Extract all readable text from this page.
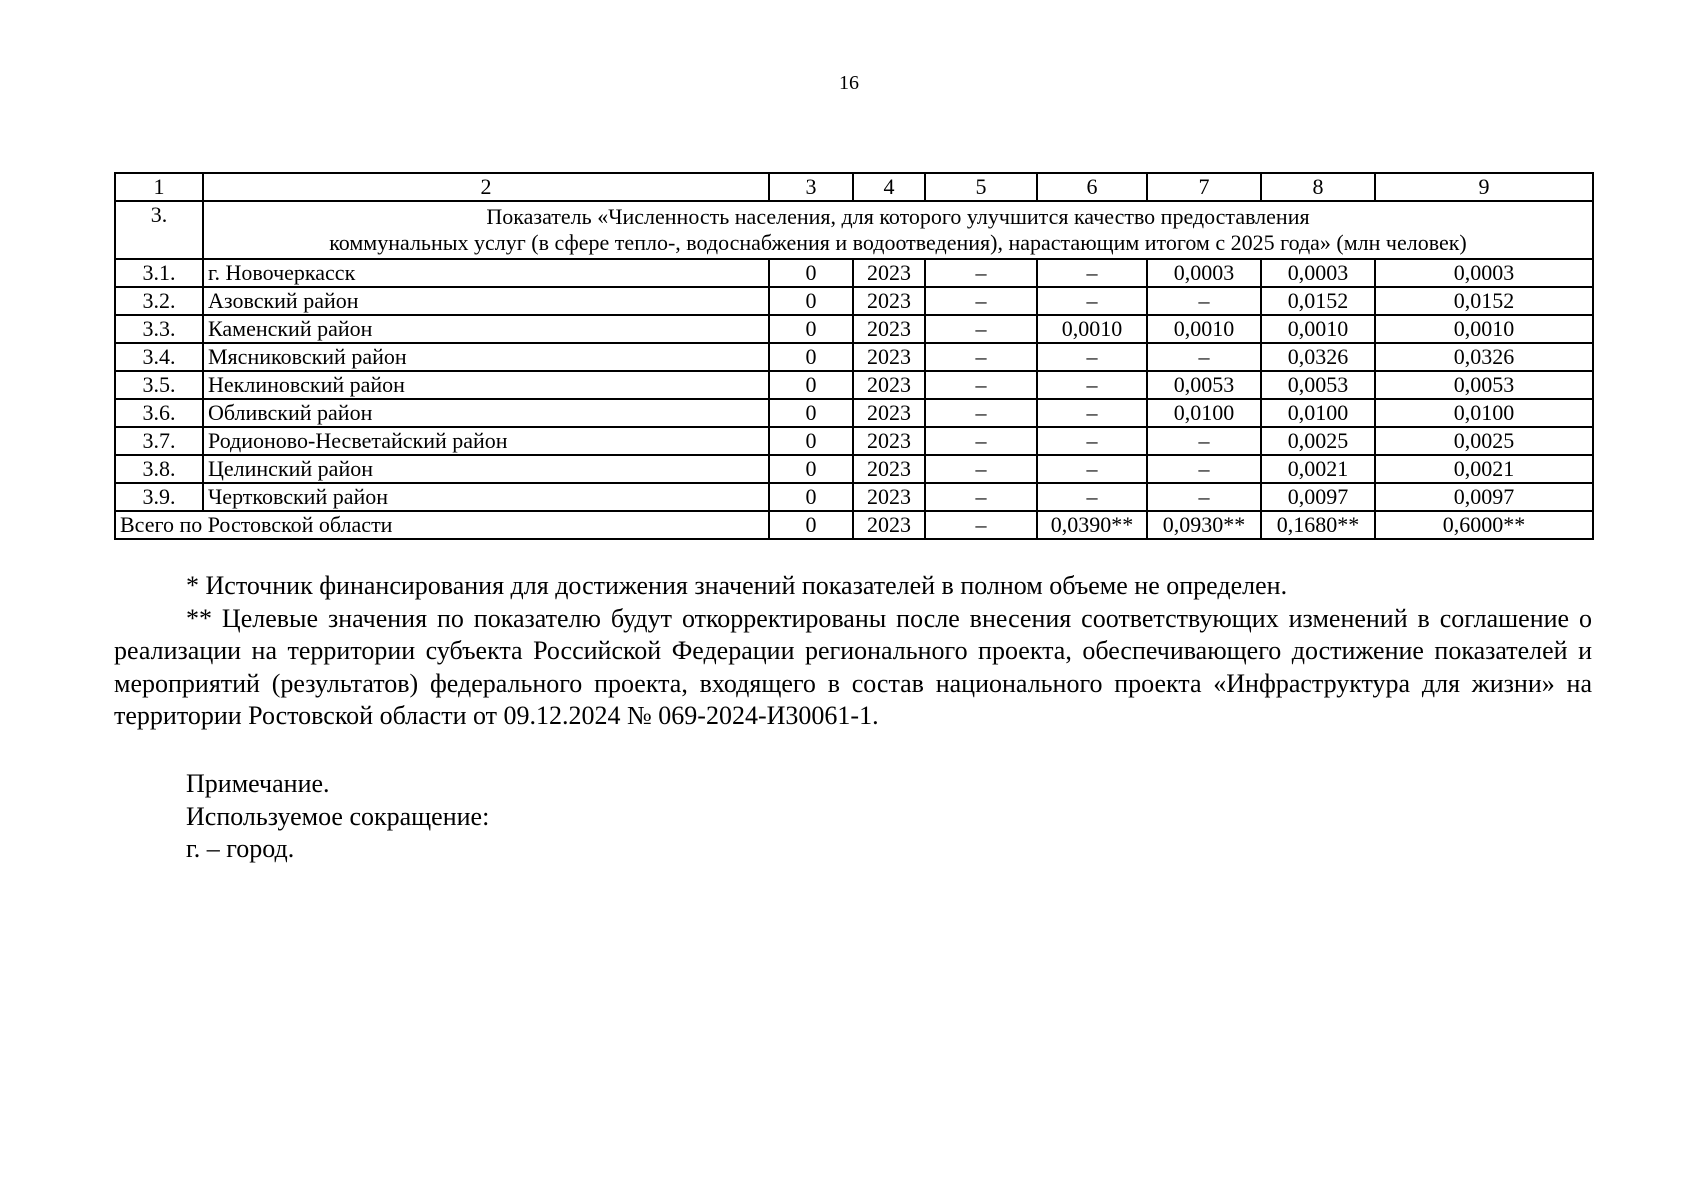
16
1	2	3	4	5	6	7	8	9
3.	Показатель «Численность населения, для которого улучшится качество предоставления
коммунальных услуг (в сфере тепло-, водоснабжения и водоотведения), нарастающим итогом с 2025 года» (млн человек)							

3.1.	г. Новочеркасск	0	2023	–	–	0,0003	0,0003	0,0003
3.2.	Азовский район	0	2023	–	–	–	0,0152	0,0152
3.3.	Каменский район	0	2023	–	0,0010	0,0010	0,0010	0,0010
3.4.	Мясниковский район	0	2023	–	–	–	0,0326	0,0326
3.5.	Неклиновский район	0	2023	–	–	0,0053	0,0053	0,0053
3.6.	Обливский район	0	2023	–	–	0,0100	0,0100	0,0100
3.7.	Родионово-Несветайский район	0	2023	–	–	–	0,0025	0,0025
3.8.	Целинский район	0	2023	–	–	–	0,0021	0,0021
3.9.	Чертковский район	0	2023	–	–	–	0,0097	0,0097
Всего по Ростовской области		0	2023	–	0,0390**	0,0930**	0,1680**	0,6000**

* Источник финансирования для достижения значений показателей в полном объеме не определен.

** Целевые значения по показателю будут откорректированы после внесения соответствующих изменений в соглашение о реализации на территории субъекта Российской Федерации регионального проекта, обеспечивающего достижение показателей и мероприятий (результатов) федерального проекта, входящего в состав национального проекта «Инфраструктура для жизни» на территории Ростовской области от 09.12.2024 № 069-2024-И30061-1.

Примечание.

Используемое сокращение:

г. – город.
